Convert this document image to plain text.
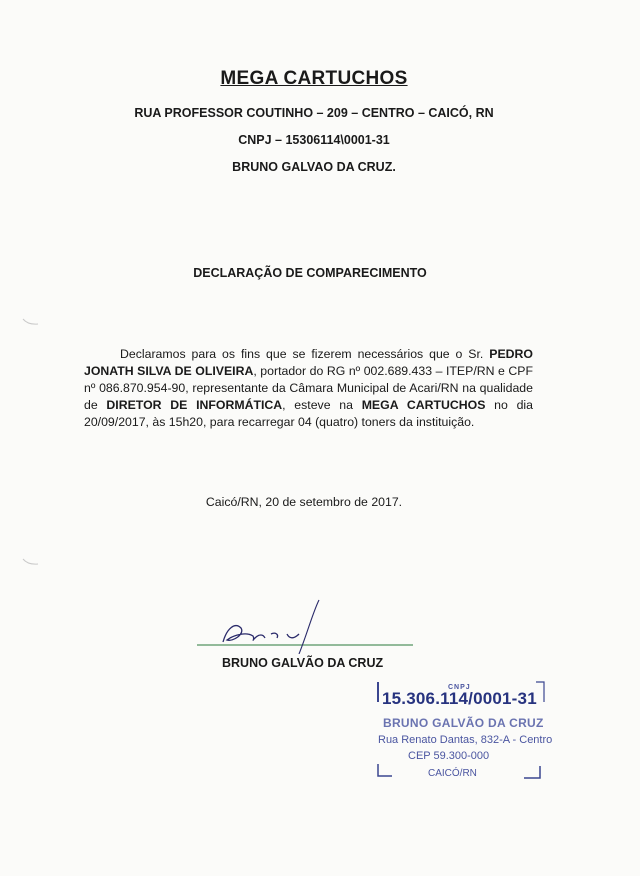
MEGA CARTUCHOS
RUA PROFESSOR COUTINHO – 209 – CENTRO – CAICÓ, RN
CNPJ – 15306114\0001-31
BRUNO GALVAO DA CRUZ.
DECLARAÇÃO DE COMPARECIMENTO
Declaramos para os fins que se fizerem necessários que o Sr. PEDRO JONATH SILVA DE OLIVEIRA, portador do RG nº 002.689.433 – ITEP/RN e CPF nº 086.870.954-90, representante da Câmara Municipal de Acari/RN na qualidade de DIRETOR DE INFORMÁTICA, esteve na MEGA CARTUCHOS no dia 20/09/2017, às 15h20, para recarregar 04 (quatro) toners da instituição.
Caicó/RN, 20 de setembro de 2017.
BRUNO GALVÃO DA CRUZ
CNPJ
15.306.114/0001-31
BRUNO GALVÃO DA CRUZ
Rua Renato Dantas, 832-A - Centro
CEP 59.300-000
CAICÓ/RN
